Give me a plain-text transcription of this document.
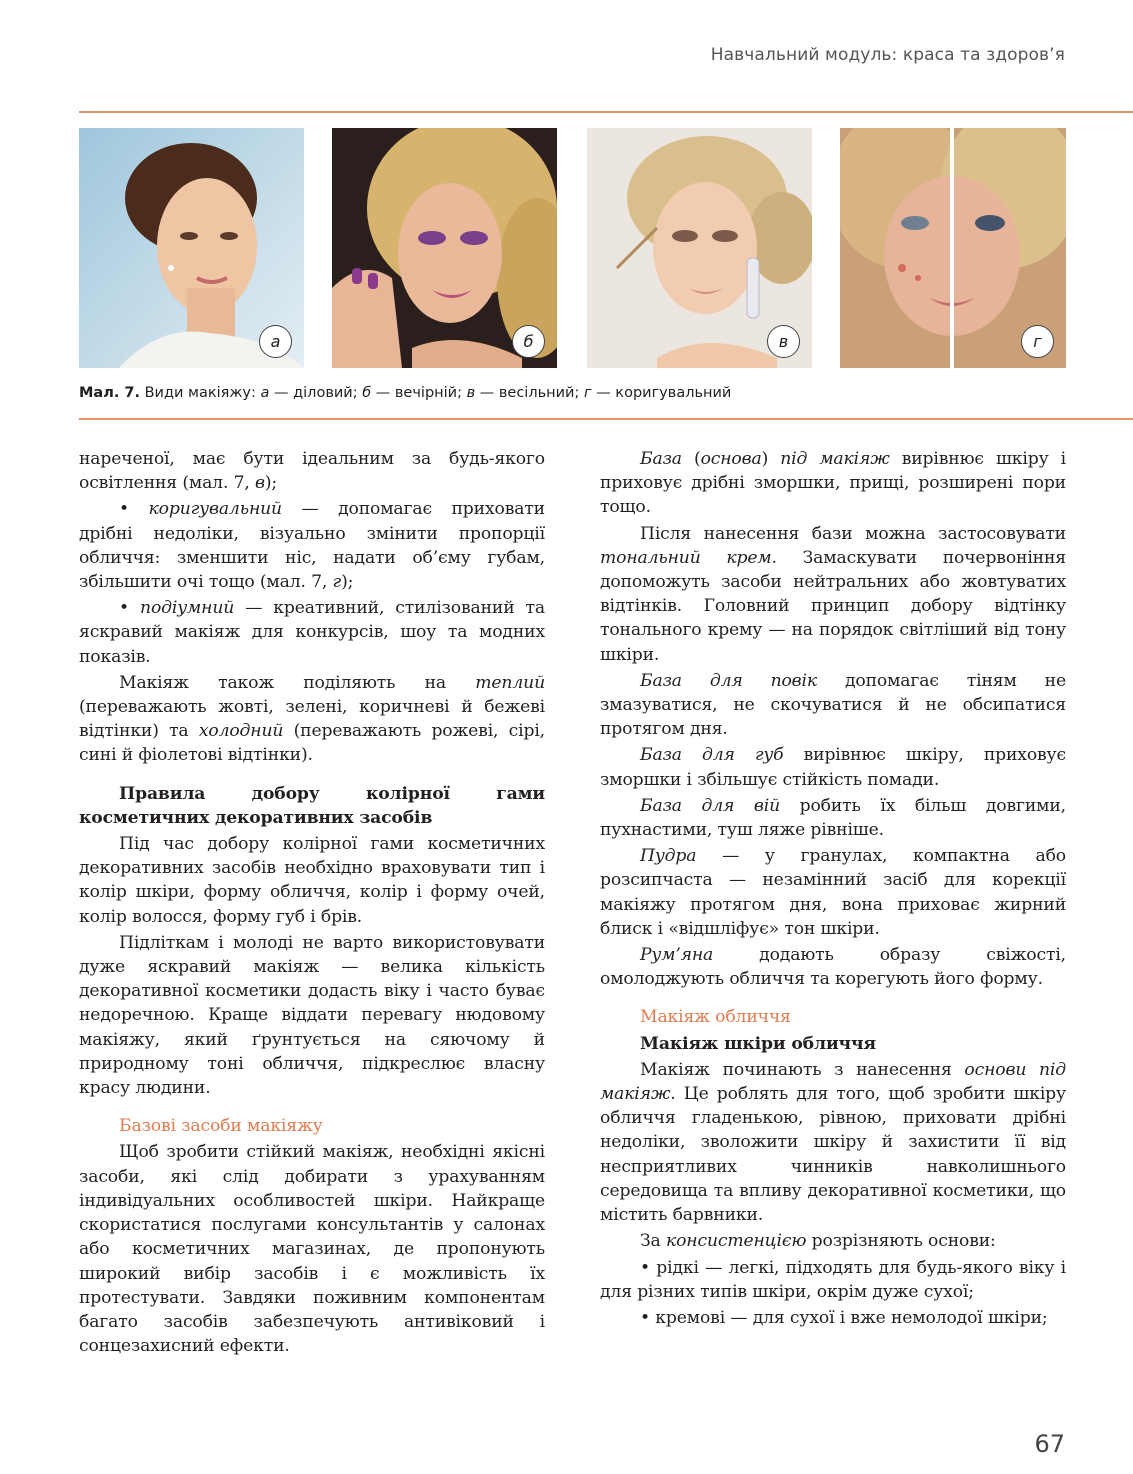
Навчальний модуль: краса та здоров’я
а	б	в	г
Мал. 7. Види макіяжу: а — діловий; б — вечірній; в — весільний; г — коригувальний

нареченої, має бути ідеальним за будь-якого освітлення (мал. 7, в);

• коригувальний — допомагає приховати дрібні недоліки, візуально змінити пропорції обличчя: зменшити ніс, надати об’єму губам, збільшити очі тощо (мал. 7, г);

• подіумний — креативний, стилізований та яскравий макіяж для конкурсів, шоу та модних показів.

Макіяж також поділяють на теплий (переважають жовті, зелені, коричневі й бежеві відтінки) та холодний (переважають рожеві, сірі, сині й фіолетові відтінки).

Правила добору колірної гами косметичних декоративних засобів

Під час добору колірної гами косметичних декоративних засобів необхідно враховувати тип і колір шкіри, форму обличчя, колір і форму очей, колір волосся, форму губ і брів.

Підліткам і молоді не варто використовувати дуже яскравий макіяж — велика кількість декоративної косметики додасть віку і часто буває недоречною. Краще віддати перевагу нюдовому макіяжу, який ґрунтується на сяючому й природному тоні обличчя, підкреслює власну красу людини.

Базові засоби макіяжу

Щоб зробити стійкий макіяж, необхідні якісні засоби, які слід добирати з урахуванням індивідуальних особливостей шкіри. Найкраще скористатися послугами консультантів у салонах або косметичних магазинах, де пропонують широкий вибір засобів і є можливість їх протестувати. Завдяки поживним компонентам багато засобів забезпечують антивіковий і сонцезахисний ефекти.

База (основа) під макіяж вирівнює шкіру і приховує дрібні зморшки, прищі, розширені пори тощо.

Після нанесення бази можна застосовувати тональний крем. Замаскувати почервоніння допоможуть засоби нейтральних або жовтуватих відтінків. Головний принцип добору відтінку тонального крему — на порядок світліший від тону шкіри.

База для повік допомагає тіням не змазуватися, не скочуватися й не обсипатися протягом дня.

База для губ вирівнює шкіру, приховує зморшки і збільшує стійкість помади.

База для вій робить їх більш довгими, пухнастими, туш ляже рівніше.

Пудра — у гранулах, компактна або розсипчаста — незамінний засіб для корекції макіяжу протягом дня, вона приховає жирний блиск і «відшліфує» тон шкіри.

Рум’яна додають образу свіжості, омолоджують обличчя та корегують його форму.

Макіяж обличчя

Макіяж шкіри обличчя

Макіяж починають з нанесення основи під макіяж. Це роблять для того, щоб зробити шкіру обличчя гладенькою, рівною, приховати дрібні недоліки, зволожити шкіру й захистити її від несприятливих чинників навколишнього середовища та впливу декоративної косметики, що містить барвники.

За консистенцією розрізняють основи:

• рідкі — легкі, підходять для будь-якого віку і для різних типів шкіри, окрім дуже сухої;

• кремові — для сухої і вже немолодої шкіри;

67
